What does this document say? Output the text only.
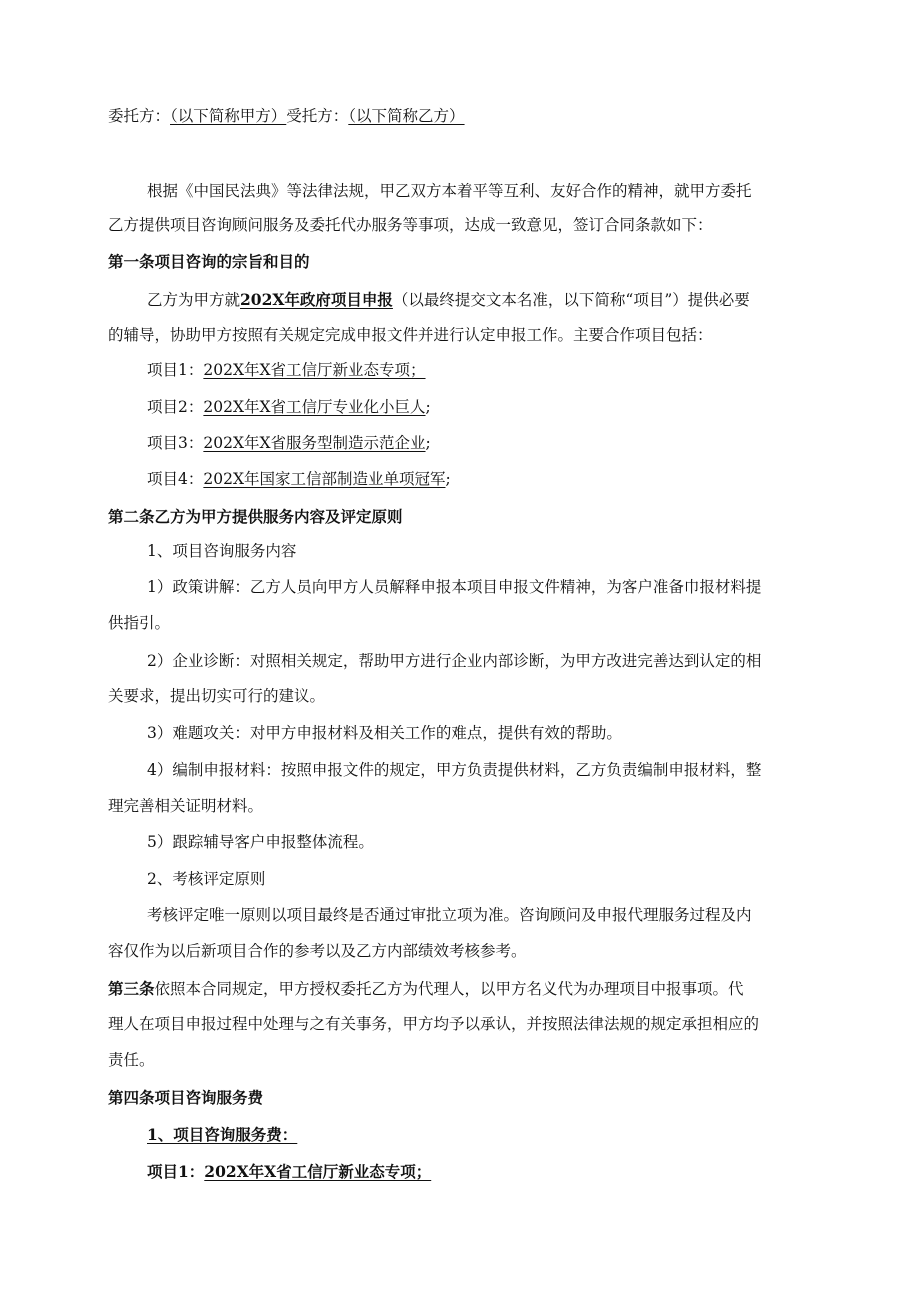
委托方：（以下简称甲方）受托方：（以下简称乙方）
根据《中国民法典》等法律法规，甲乙双方本着平等互利、友好合作的精神，就甲方委托
乙方提供项目咨询顾问服务及委托代办服务等事项，达成一致意见，签订合同条款如下：
第一条项目咨询的宗旨和目的
乙方为甲方就202X年政府项目申报（以最终提交文本名准，以下简称“项目”）提供必要
的辅导，协助甲方按照有关规定完成申报文件并进行认定申报工作。主要合作项目包括：
项目1：202X年X省工信厅新业态专项；
项目2：202X年X省工信厅专业化小巨人;
项目3：202X年X省服务型制造示范企业;
项目4：202X年国家工信部制造业单项冠军;
第二条乙方为甲方提供服务内容及评定原则
1、项目咨询服务内容
1）政策讲解：乙方人员向甲方人员解释申报本项目申报文件精神，为客户准备巾报材料提
供指引。
2）企业诊断：对照相关规定，帮助甲方进行企业内部诊断，为甲方改进完善达到认定的相
关要求，提出切实可行的建议。
3）难题攻关：对甲方申报材料及相关工作的难点，提供有效的帮助。
4）编制申报材料：按照申报文件的规定，甲方负责提供材料，乙方负责编制申报材料，整
理完善相关证明材料。
5）跟踪辅导客户申报整体流程。
2、考核评定原则
考核评定唯一原则以项目最终是否通过审批立项为准。咨询顾问及申报代理服务过程及内
容仅作为以后新项目合作的参考以及乙方内部绩效考核参考。
第三条依照本合同规定，甲方授权委托乙方为代理人，以甲方名义代为办理项目中报事项。代
理人在项目申报过程中处理与之有关事务，甲方均予以承认，并按照法律法规的规定承担相应的
责任。
第四条项目咨询服务费
1、项目咨询服务费：
项目1：202X年X省工信厅新业态专项；
